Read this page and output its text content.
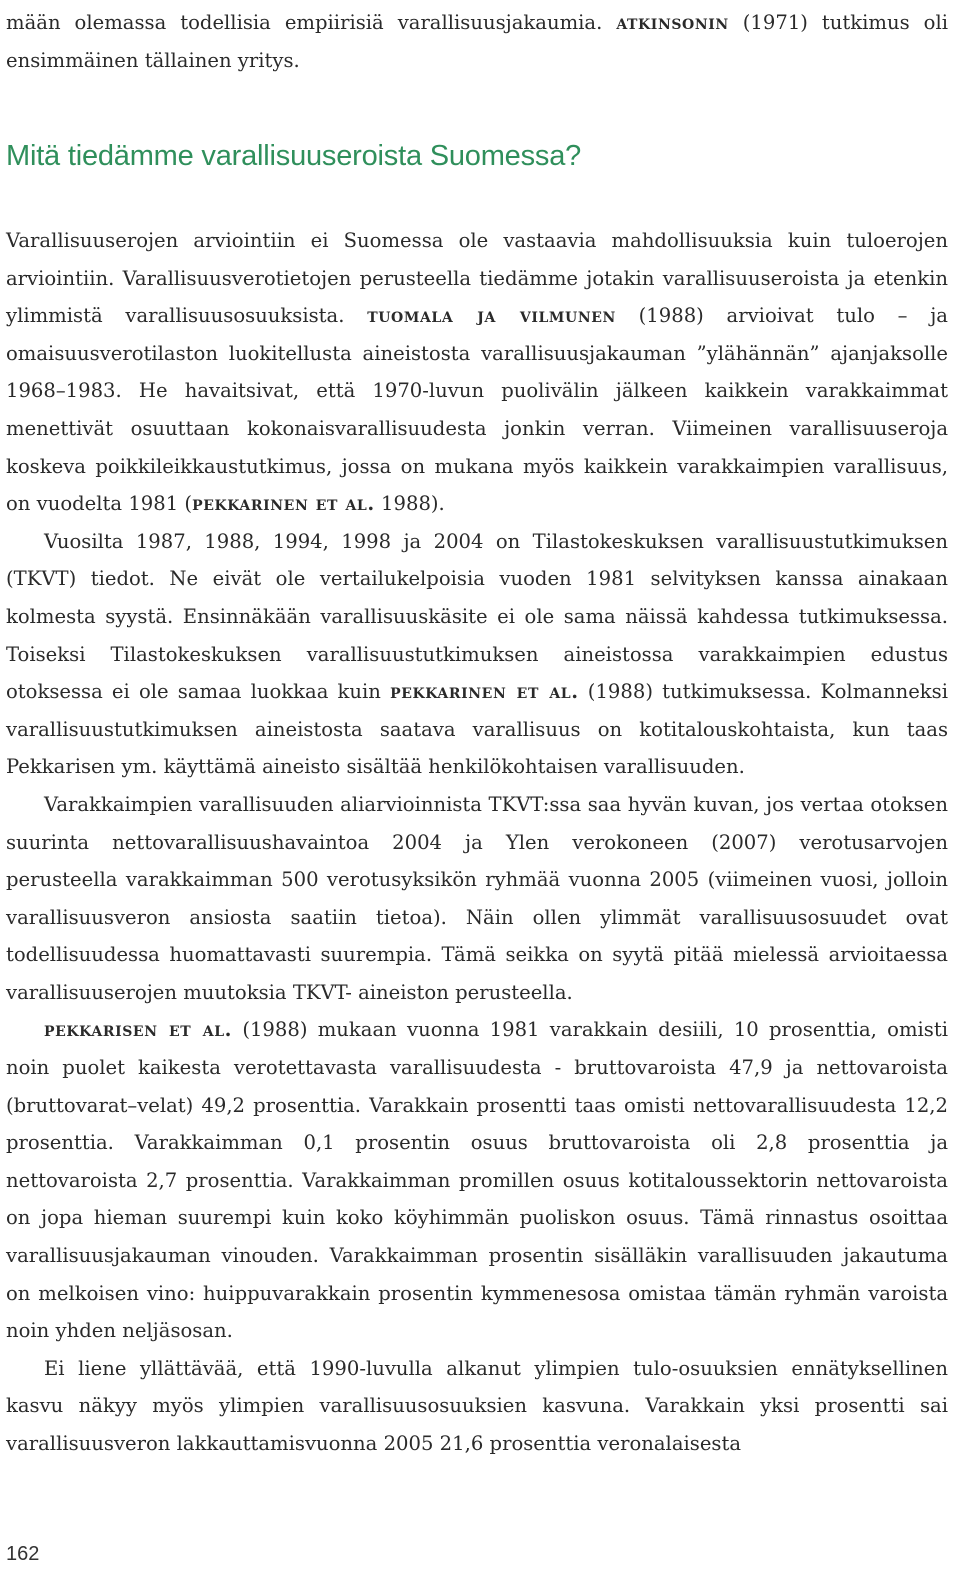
mään olemassa todellisia empiirisiä varallisuusjakaumia. atkinsonin (1971) tutkimus oli ensimmäinen tällainen yritys.

Mitä tiedämme varallisuuseroista Suomessa?

Varallisuuserojen arviointiin ei Suomessa ole vastaavia mahdollisuuksia kuin tuloerojen arviointiin. Varallisuusverotietojen perusteella tiedämme jotakin varallisuuseroista ja etenkin ylimmistä varallisuusosuuksista. tuomala ja vilmunen (1988) arvioivat tulo – ja omaisuusverotilaston luokitellusta aineistosta varallisuusjakauman ”ylähännän” ajanjaksolle 1968–1983. He havaitsivat, että 1970-luvun puolivälin jälkeen kaikkein varakkaimmat menettivät osuuttaan kokonaisvarallisuudesta jonkin verran. Viimeinen varallisuuseroja koskeva poikkileikkaustutkimus, jossa on mukana myös kaikkein varakkaimpien varallisuus, on vuodelta 1981 (pekkarinen et al. 1988).

Vuosilta 1987, 1988, 1994, 1998 ja 2004 on Tilastokeskuksen varallisuustutkimuksen (TKVT) tiedot. Ne eivät ole vertailukelpoisia vuoden 1981 selvityksen kanssa ainakaan kolmesta syystä. Ensinnäkään varallisuuskäsite ei ole sama näissä kahdessa tutkimuksessa. Toiseksi Tilastokeskuksen varallisuustutkimuksen aineistossa varakkaimpien edustus otoksessa ei ole samaa luokkaa kuin pekkarinen et al. (1988) tutkimuksessa. Kolmanneksi varallisuustutkimuksen aineistosta saatava varallisuus on kotitalouskohtaista, kun taas Pekkarisen ym. käyttämä aineisto sisältää henkilökohtaisen varallisuuden.

Varakkaimpien varallisuuden aliarvioinnista TKVT:ssa saa hyvän kuvan, jos vertaa otoksen suurinta nettovarallisuushavaintoa 2004 ja Ylen verokoneen (2007) verotusarvojen perusteella varakkaimman 500 verotusyksikön ryhmää vuonna 2005 (viimeinen vuosi, jolloin varallisuusveron ansiosta saatiin tietoa). Näin ollen ylimmät varallisuusosuudet ovat todellisuudessa huomattavasti suurempia. Tämä seikka on syytä pitää mielessä arvioitaessa varallisuuserojen muutoksia TKVT- aineiston perusteella.

pekkarisen et al. (1988) mukaan vuonna 1981 varakkain desiili, 10 prosenttia, omisti noin puolet kaikesta verotettavasta varallisuudesta - bruttovaroista 47,9 ja nettovaroista (bruttovarat–velat) 49,2 prosenttia. Varakkain prosentti taas omisti nettovarallisuudesta 12,2 prosenttia. Varakkaimman 0,1 prosentin osuus bruttovaroista oli 2,8 prosenttia ja nettovaroista 2,7 prosenttia. Varakkaimman promillen osuus kotitaloussektorin nettovaroista on jopa hieman suurempi kuin koko köyhimmän puoliskon osuus. Tämä rinnastus osoittaa varallisuusjakauman vinouden. Varakkaimman prosentin sisälläkin varallisuuden jakautuma on melkoisen vino: huippuvarakkain prosentin kymmenesosa omistaa tämän ryhmän varoista noin yhden neljäsosan.

Ei liene yllättävää, että 1990-luvulla alkanut ylimpien tulo-osuuksien ennätyksellinen kasvu näkyy myös ylimpien varallisuusosuuksien kasvuna. Varakkain yksi prosentti sai varallisuusveron lakkauttamisvuonna 2005 21,6 prosenttia veronalaisesta

162
